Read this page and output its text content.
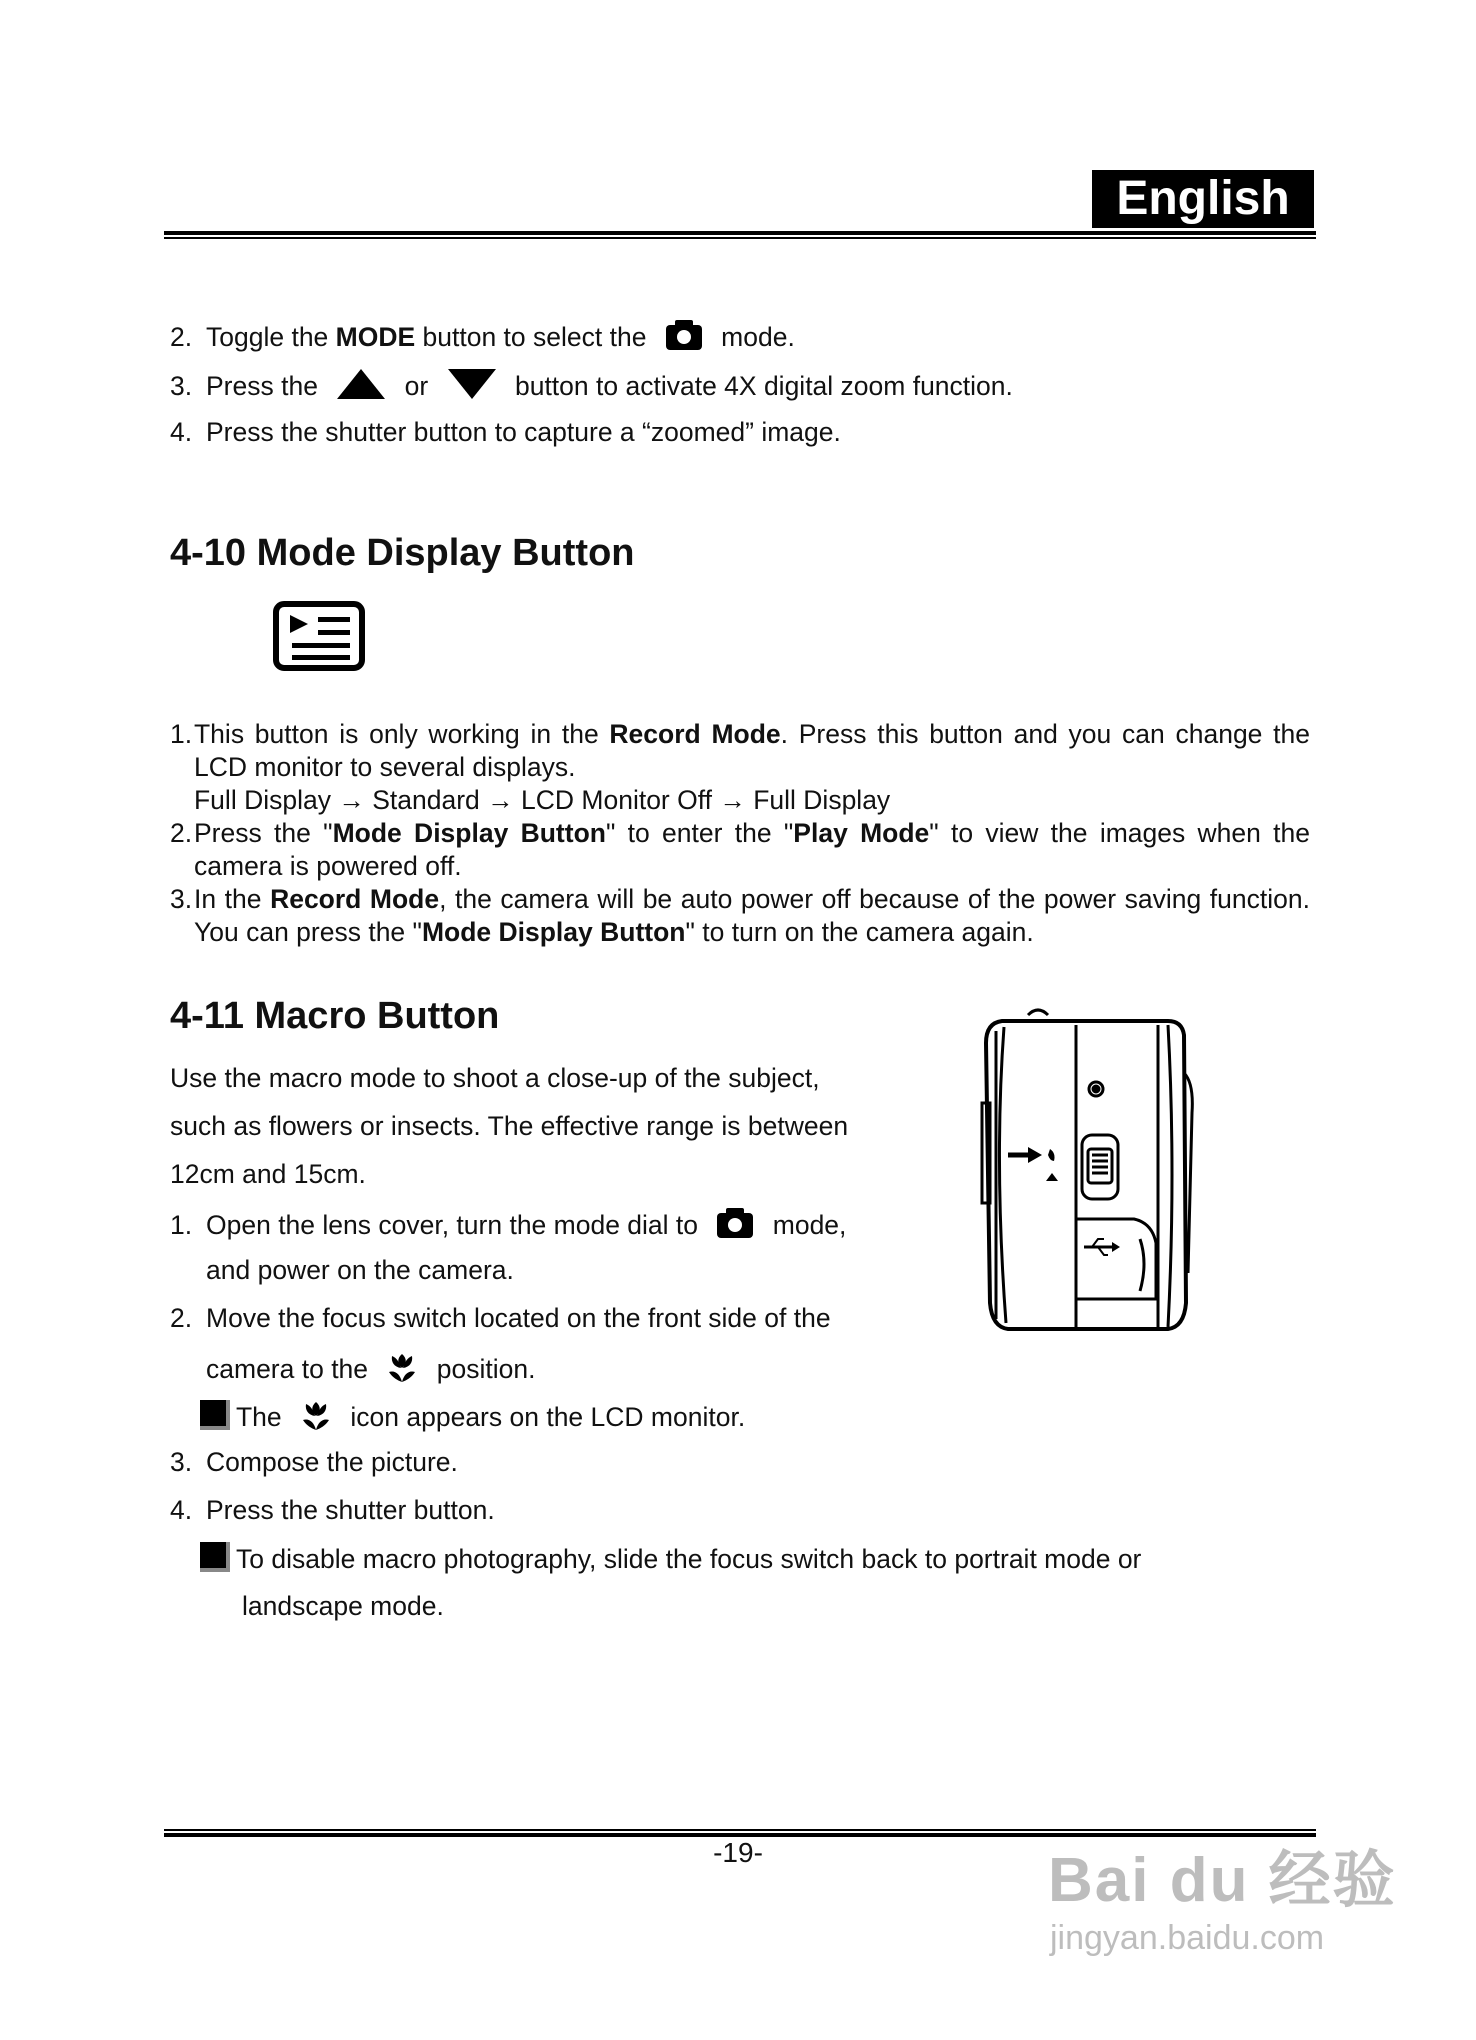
English
2. Toggle the MODE button to select the  mode.
3. Press the	or	button to activate 4X digital zoom function.
4. Press the shutter button to capture a “zoomed” image.
4-10 Mode Display Button
1. This button is only working in the Record Mode. Press this button and you can change the LCD monitor to several displays.
Full Display → Standard → LCD Monitor Off → Full Display
2. Press the "Mode Display Button" to enter the "Play Mode" to view the images when the camera is powered off.
3. In the Record Mode, the camera will be auto power off because of the power saving function. You can press the "Mode Display Button" to turn on the camera again.
4-11 Macro Button
Use the macro mode to shoot a close-up of the subject,
such as flowers or insects. The effective range is between
12cm and 15cm.
1. Open the lens cover, turn the mode dial to  mode,
and power on the camera.
2. Move the focus switch located on the front side of the
camera to the  position.
The  icon appears on the LCD monitor.
3. Compose the picture.
4. Press the shutter button.
To disable macro photography, slide the focus switch back to portrait mode or
landscape mode.
-19-	Bai du 经验
jingyan.baidu.com
